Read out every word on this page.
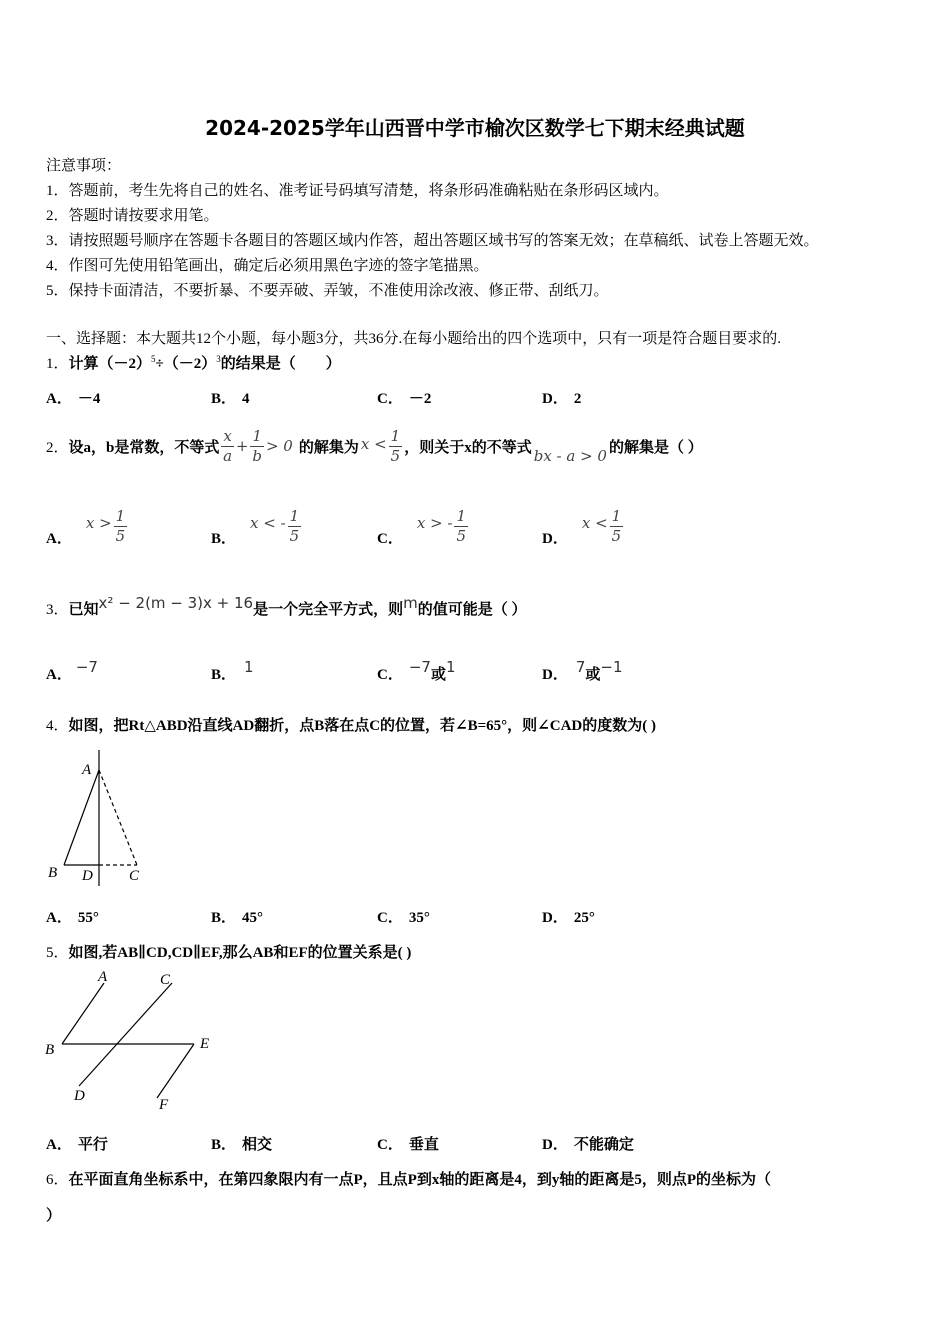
2024-2025学年山西晋中学市榆次区数学七下期末经典试题
注意事项：
1．答题前，考生先将自己的姓名、准考证号码填写清楚，将条形码准确粘贴在条形码区域内。
2．答题时请按要求用笔。
3．请按照题号顺序在答题卡各题目的答题区域内作答，超出答题区域书写的答案无效；在草稿纸、试卷上答题无效。
4．作图可先使用铅笔画出，确定后必须用黑色字迹的签字笔描黑。
5．保持卡面清洁，不要折暴、不要弄破、弄皱，不准使用涂改液、修正带、刮纸刀。
一、选择题：本大题共12个小题，每小题3分，共36分.在每小题给出的四个选项中，只有一项是符合题目要求的.
1．计算$(-2)^5\div(-2)^3$的结果是（　　）
A． －4	B． 4	C． －2	D． 2
2． 设a，b是常数，不等式 $\frac{x}{a} + \frac{1}{b} > 0$ 的解集为 $x < \frac{1}{5}$ ，则关于x的不等式 bx - a > 0 的解集是（ ）
A．
$x > \frac{1}{5}$	B．
x < - $\frac{1}{5}$	C．
x > - $\frac{1}{5}$	D．
$x < \frac{1}{5}$
3．已知x² − 2(m − 3)x + 16是一个完全平方式，则m的值可能是（ ）
A． −7	B． 1	C． −7或1	D． 7或−1
4．如图，把Rt△ABD沿直线AD翻折，点B落在点C的位置，若∠B=65°，则∠CAD的度数为( )
A
B D C
A． 55°	B． 45°	C． 35°	D． 25°
5．如图,若AB∥CD,CD∥EF,那么AB和EF的位置关系是( )
A	C
B	E
D
F
A． 平行	B． 相交	C． 垂直	D． 不能确定
6．在平面直角坐标系中，在第四象限内有一点P，且点P到x轴的距离是4，到y轴的距离是5，则点P的坐标为（
）
